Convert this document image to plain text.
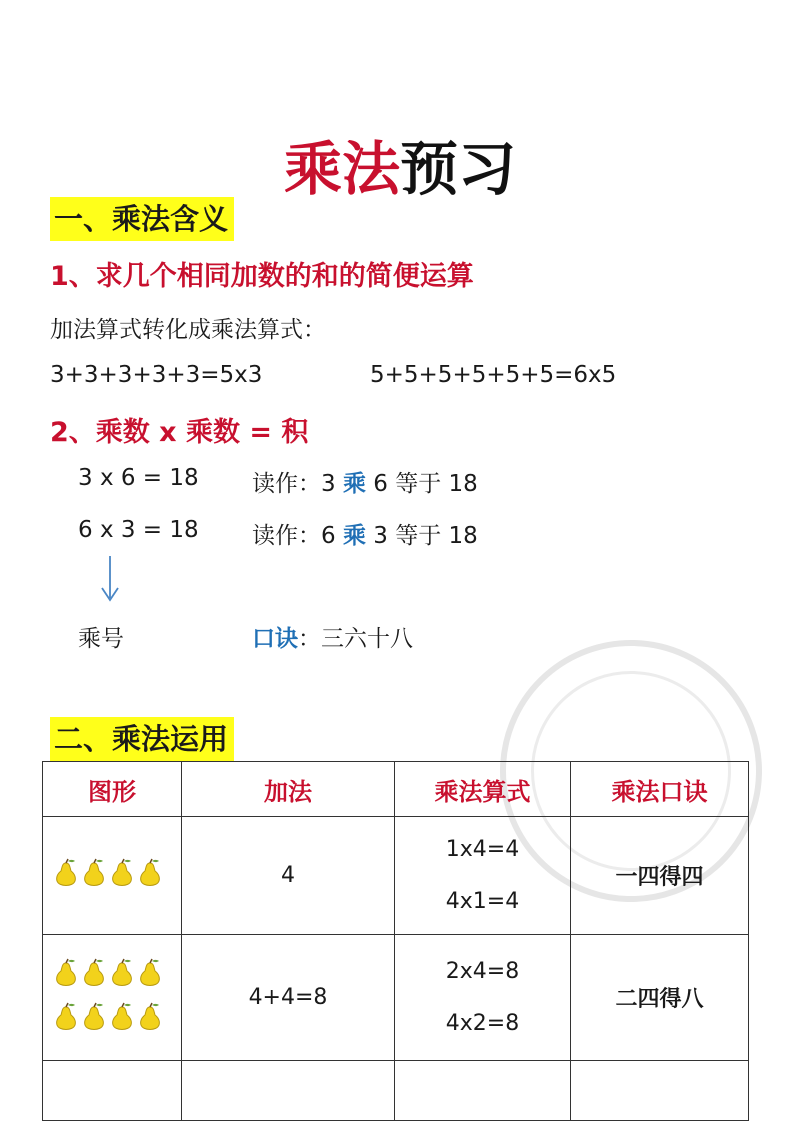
乘法预习
一、乘法含义
1、求几个相同加数的和的简便运算
加法算式转化成乘法算式：
3+3+3+3+3=5x3	5+5+5+5+5+5=6x5
2、乘数 x 乘数 = 积
3 x 6 = 18 读作：3 乘 6 等于 18
6 x 3 = 18 读作：6 乘 3 等于 18
乘号	口诀：三六十八
二、乘法运用
图形	加法	乘法算式	乘法口诀
	4	1x4=4
4x1=4	一四得四

	4+4=8	2x4=8
4x2=8	二四得八
